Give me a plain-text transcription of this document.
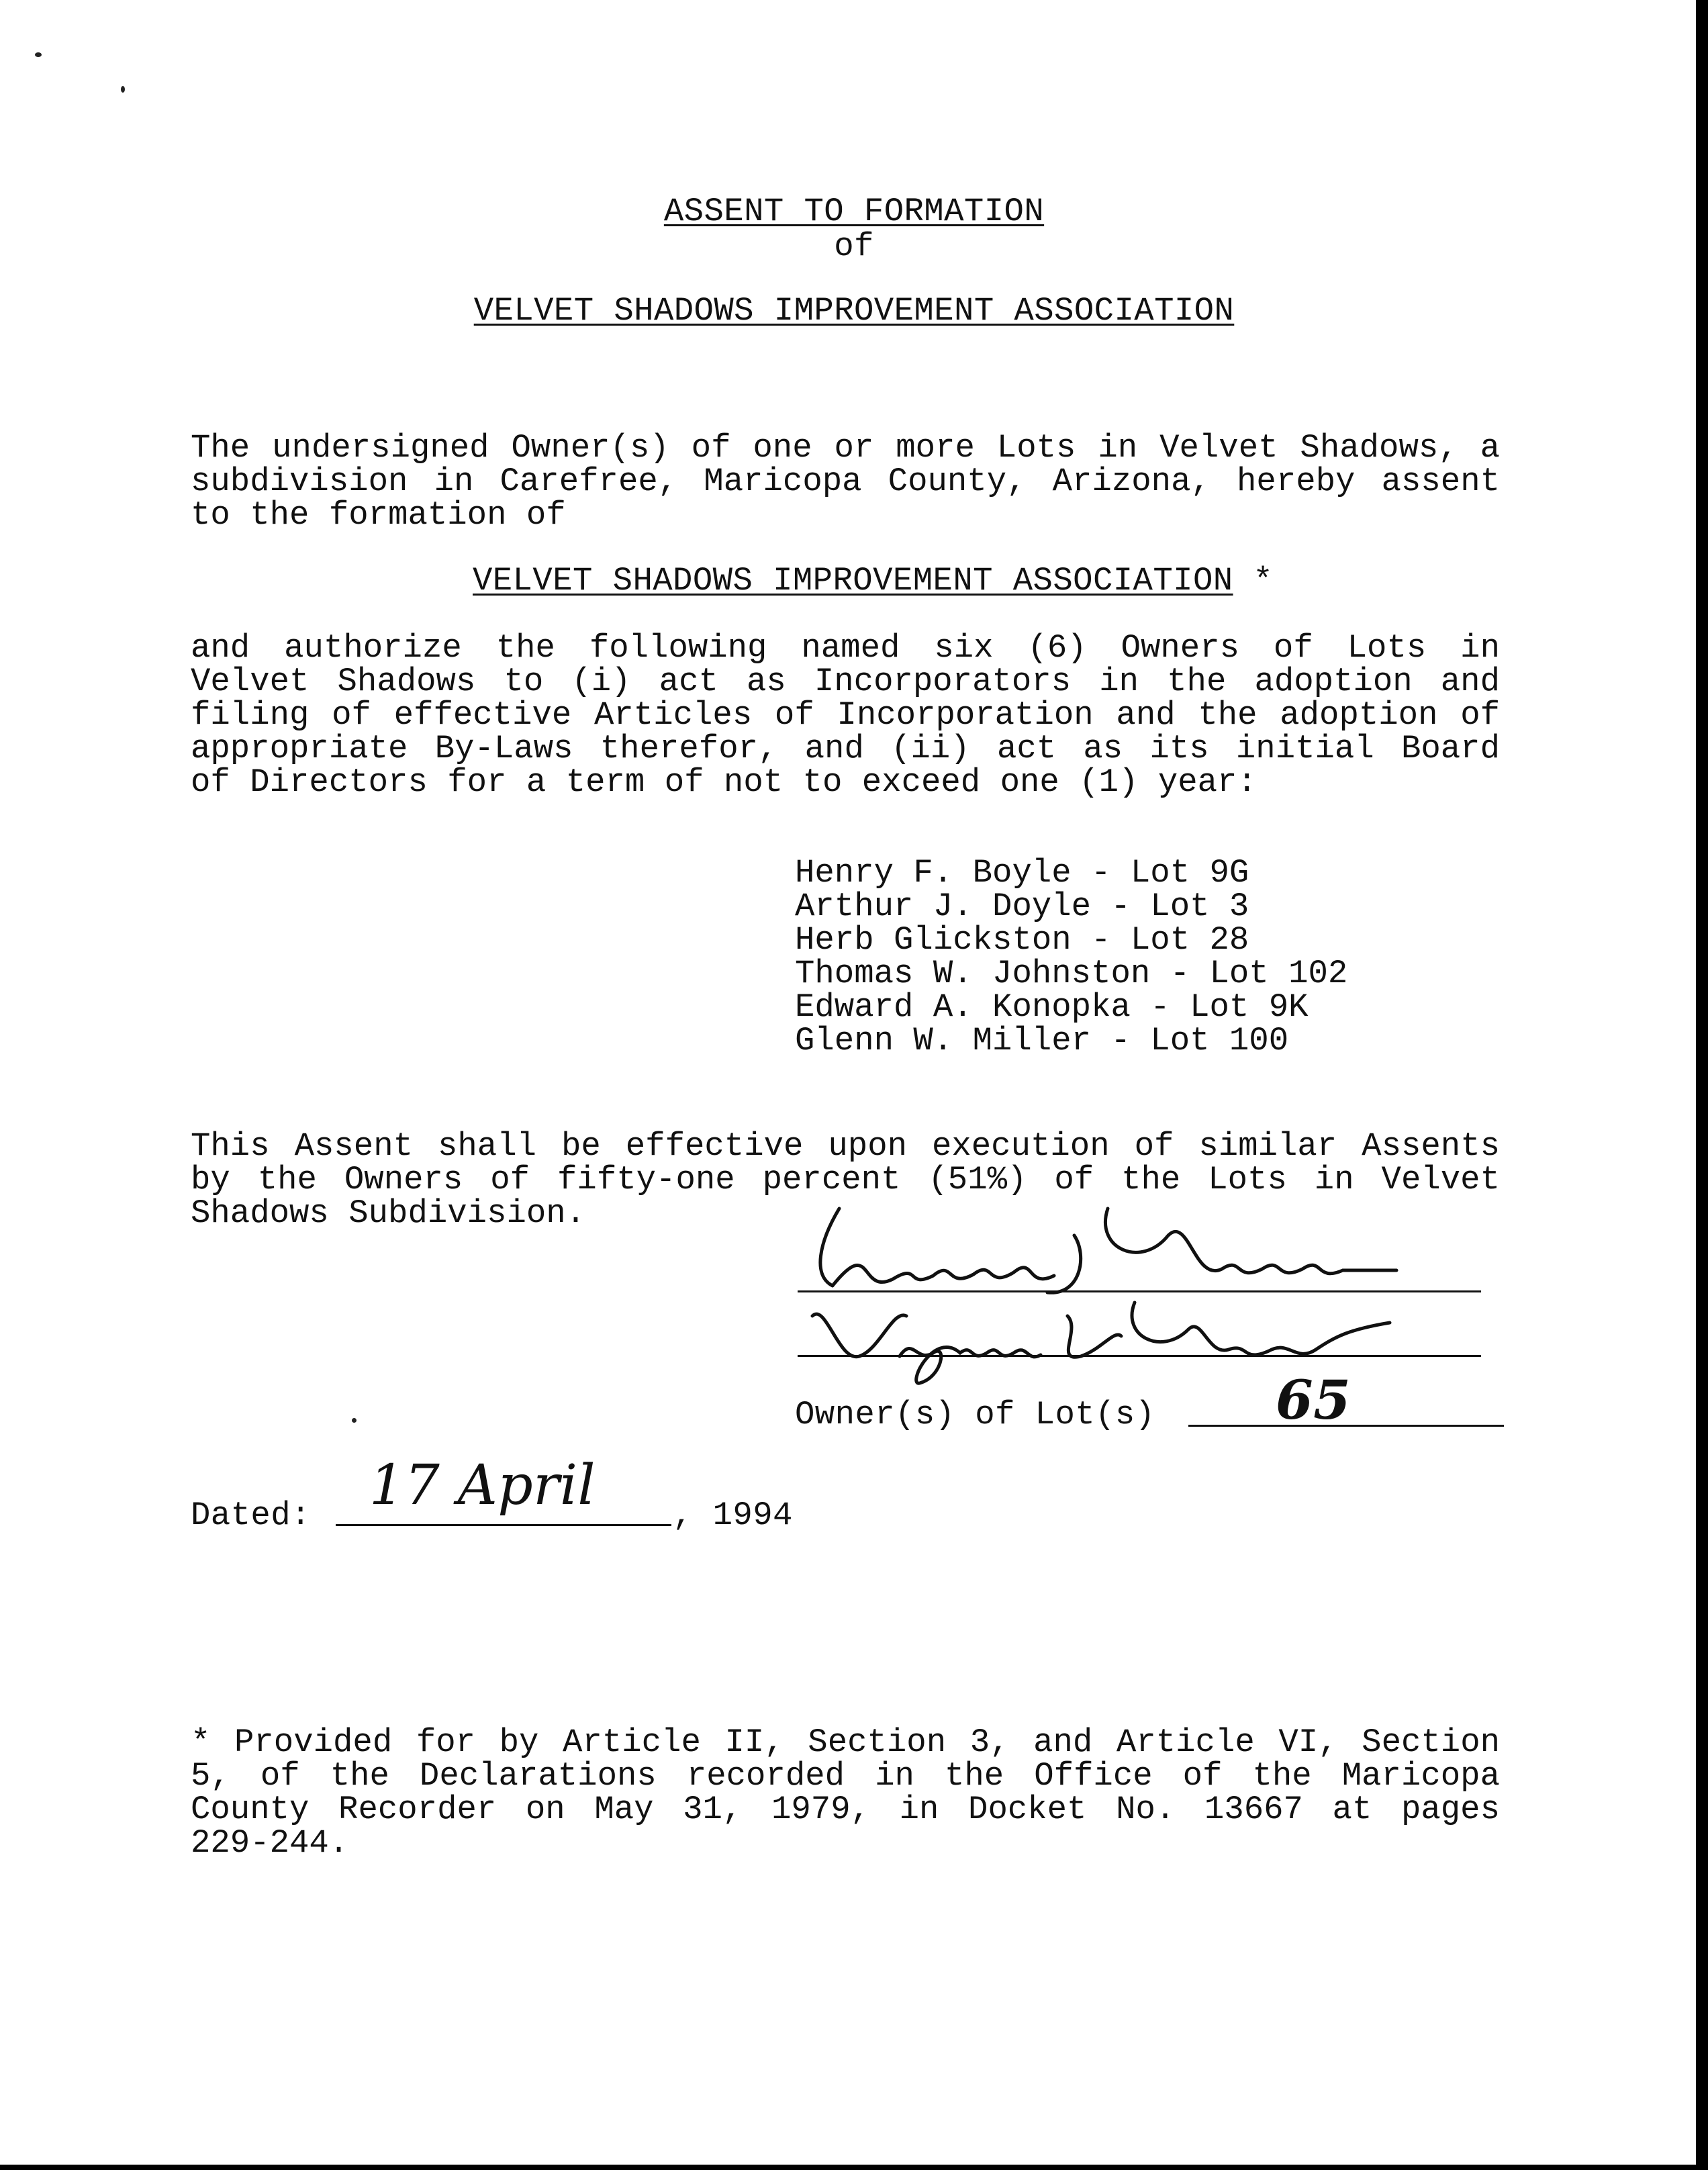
ASSENT TO FORMATION
of
VELVET SHADOWS IMPROVEMENT ASSOCIATION
The undersigned Owner(s) of one or more Lots in Velvet Shadows, a
subdivision in Carefree, Maricopa County, Arizona, hereby assent
to the formation of
VELVET SHADOWS IMPROVEMENT ASSOCIATION *
and authorize the following named six (6) Owners of Lots in
Velvet Shadows to (i) act as Incorporators in the adoption and
filing of effective Articles of Incorporation and the adoption of
appropriate By-Laws therefor, and (ii) act as its initial Board
of Directors for a term of not to exceed one (1) year:
Henry F. Boyle - Lot 9G
Arthur J. Doyle - Lot 3
Herb Glickston - Lot 28
Thomas W. Johnston - Lot 102
Edward A. Konopka - Lot 9K
Glenn W. Miller - Lot 100
This Assent shall be effective upon execution of similar Assents
by the Owners of fifty-one percent (51%) of the Lots in Velvet
Shadows Subdivision.
Owner(s) of Lot(s) 65
Dated: 17 April , 1994
* Provided for by Article II, Section 3, and Article VI, Section
5, of the Declarations recorded in the Office of the Maricopa
County Recorder on May 31, 1979, in Docket No. 13667 at pages
229-244.
